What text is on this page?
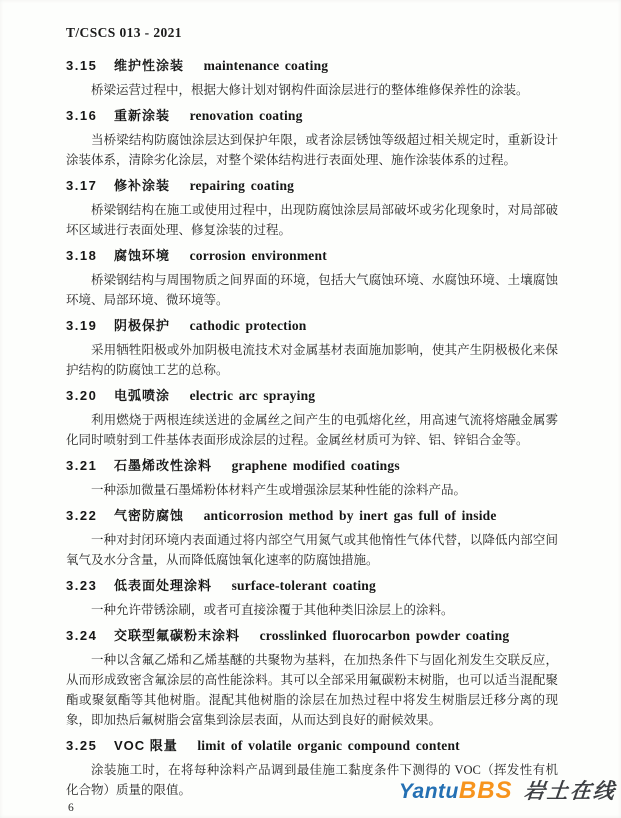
T/CSCS 013 - 2021
3.15 维护性涂装 maintenance coating

桥梁运营过程中，根据大修计划对钢构件面涂层进行的整体维修保养性的涂装。

3.16 重新涂装 renovation coating

当桥梁结构防腐蚀涂层达到保护年限，或者涂层锈蚀等级超过相关规定时，重新设计涂装体系，清除劣化涂层，对整个梁体结构进行表面处理、施作涂装体系的过程。

3.17 修补涂装 repairing coating

桥梁钢结构在施工或使用过程中，出现防腐蚀涂层局部破坏或劣化现象时，对局部破坏区域进行表面处理、修复涂装的过程。

3.18 腐蚀环境 corrosion environment

桥梁钢结构与周围物质之间界面的环境，包括大气腐蚀环境、水腐蚀环境、土壤腐蚀环境、局部环境、微环境等。

3.19 阴极保护 cathodic protection

采用牺牲阳极或外加阴极电流技术对金属基材表面施加影响，使其产生阴极极化来保护结构的防腐蚀工艺的总称。

3.20 电弧喷涂 electric arc spraying

利用燃烧于两根连续送进的金属丝之间产生的电弧熔化丝，用高速气流将熔融金属雾化同时喷射到工件基体表面形成涂层的过程。金属丝材质可为锌、铝、锌铝合金等。

3.21 石墨烯改性涂料 graphene modified coatings

一种添加微量石墨烯粉体材料产生或增强涂层某种性能的涂料产品。

3.22 气密防腐蚀 anticorrosion method by inert gas full of inside

一种对封闭环境内表面通过将内部空气用氮气或其他惰性气体代替，以降低内部空间氧气及水分含量，从而降低腐蚀氧化速率的防腐蚀措施。

3.23 低表面处理涂料 surface-tolerant coating

一种允许带锈涂刷，或者可直接涂覆于其他种类旧涂层上的涂料。

3.24 交联型氟碳粉末涂料 crosslinked fluorocarbon powder coating

一种以含氟乙烯和乙烯基醚的共聚物为基料，在加热条件下与固化剂发生交联反应，从而形成致密含氟涂层的高性能涂料。其可以全部采用氟碳粉末树脂，也可以适当混配聚酯或聚氨酯等其他树脂。混配其他树脂的涂层在加热过程中将发生树脂层迁移分离的现象，即加热后氟树脂会富集到涂层表面，从而达到良好的耐候效果。

3.25 VOC 限量 limit of volatile organic compound content

涂装施工时，在将每种涂料产品调到最佳施工黏度条件下测得的 VOC（挥发性有机化合物）质量的限值。	YantuBBS 岩土在线
6
